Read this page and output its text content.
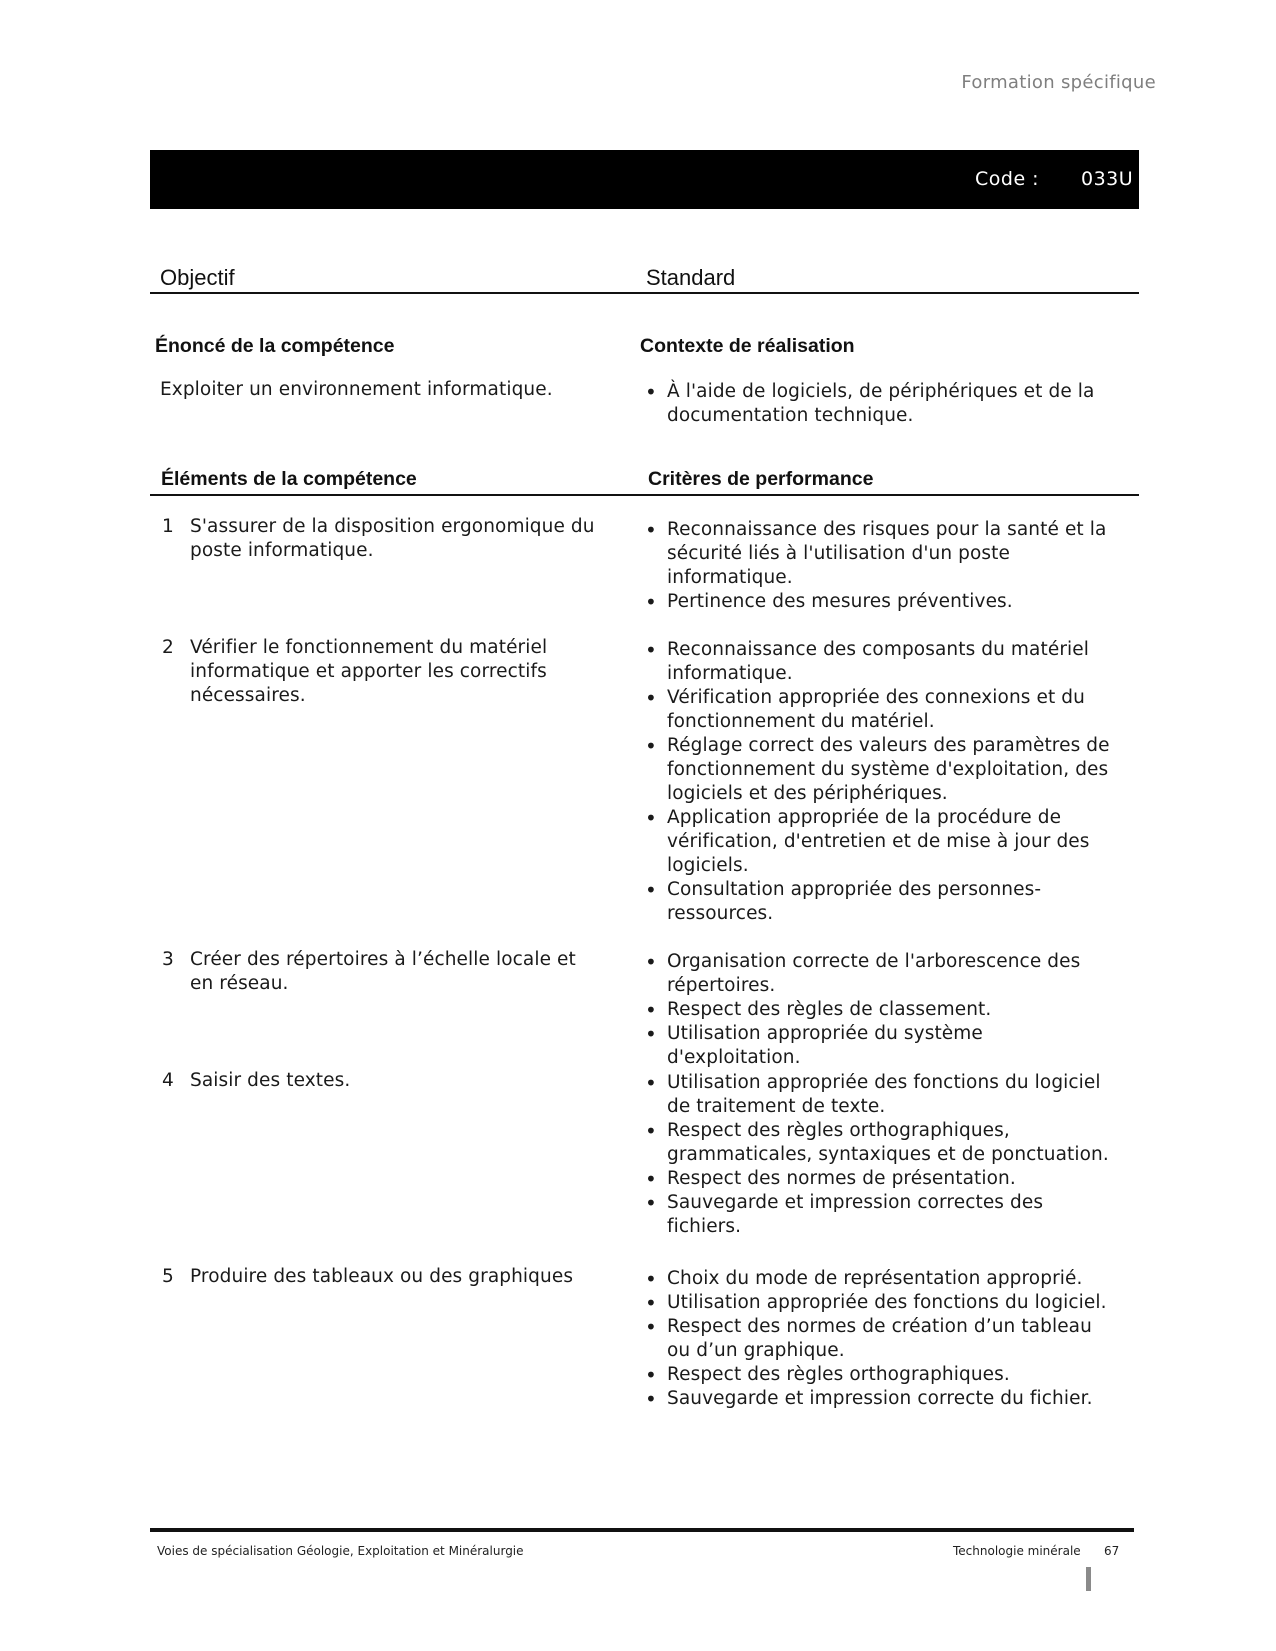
Formation spécifique
Code : 033U
Objectif	Standard
Énoncé de la compétence
Exploiter un environnement informatique.
Contexte de réalisation
• À l'aide de logiciels, de périphériques et de la documentation technique.
Éléments de la compétence	Critères de performance
1 S'assurer de la disposition ergonomique du poste informatique.
• Reconnaissance des risques pour la santé et la sécurité liés à l'utilisation d'un poste informatique.
• Pertinence des mesures préventives.
2 Vérifier le fonctionnement du matériel informatique et apporter les correctifs nécessaires.
• Reconnaissance des composants du matériel informatique.
• Vérification appropriée des connexions et du fonctionnement du matériel.
• Réglage correct des valeurs des paramètres de fonctionnement du système d'exploitation, des logiciels et des périphériques.
• Application appropriée de la procédure de vérification, d'entretien et de mise à jour des logiciels.
• Consultation appropriée des personnes-ressources.
3 Créer des répertoires à l’échelle locale et en réseau.
• Organisation correcte de l'arborescence des répertoires.
• Respect des règles de classement.
• Utilisation appropriée du système d'exploitation.
4 Saisir des textes.	• Utilisation appropriée des fonctions du logiciel de traitement de texte.
• Respect des règles orthographiques, grammaticales, syntaxiques et de ponctuation.
• Respect des normes de présentation.
• Sauvegarde et impression correctes des fichiers.
5 Produire des tableaux ou des graphiques	• Choix du mode de représentation approprié.
• Utilisation appropriée des fonctions du logiciel.
• Respect des normes de création d’un tableau ou d’un graphique.
• Respect des règles orthographiques.
• Sauvegarde et impression correcte du fichier.
Voies de spécialisation Géologie, Exploitation et Minéralurgie	Technologie minérale 67
